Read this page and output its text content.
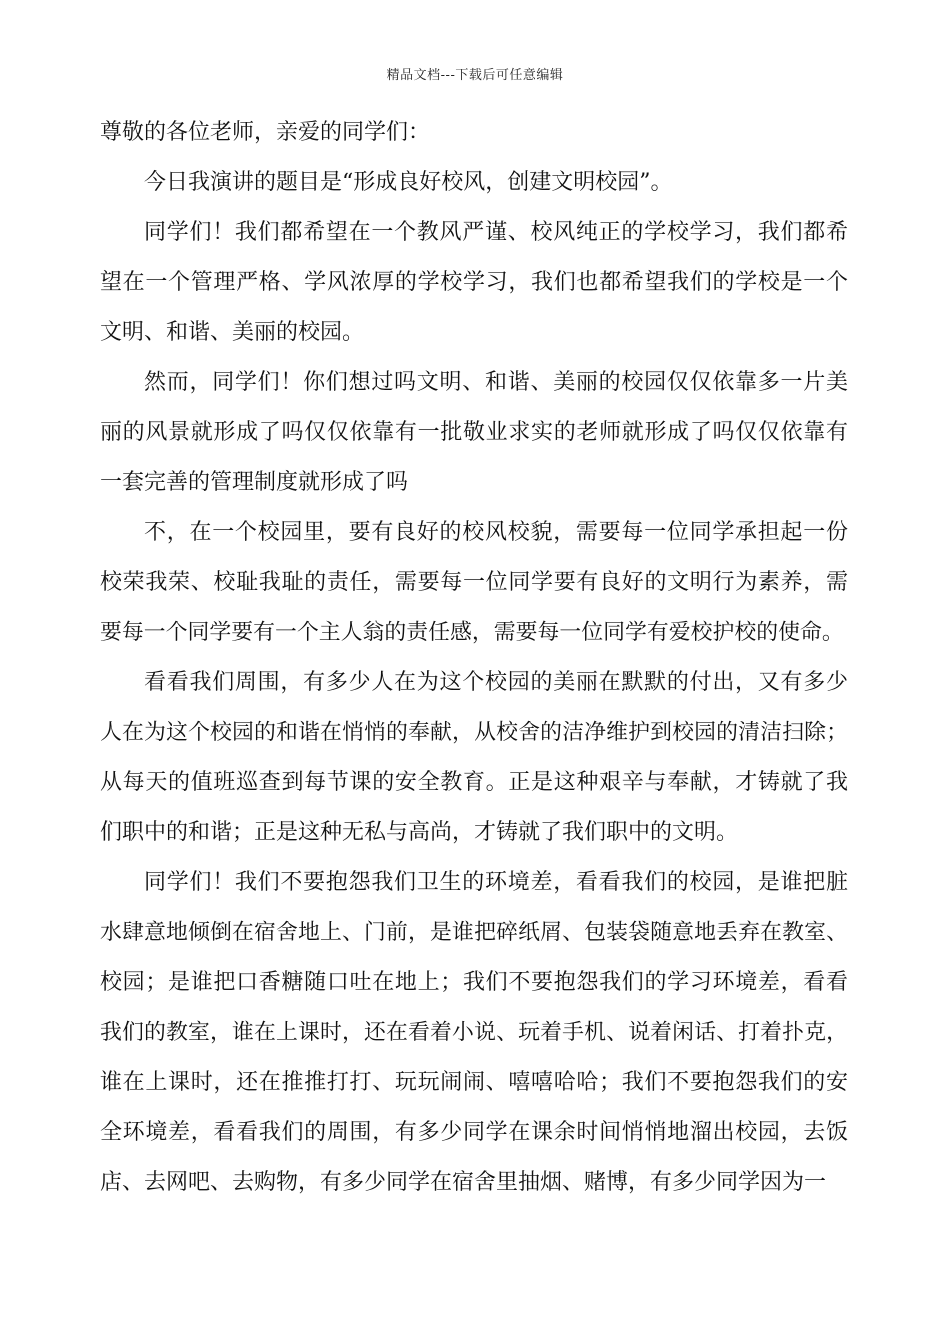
精品文档---下载后可任意编辑
尊敬的各位老师，亲爱的同学们：
今日我演讲的题目是“形成良好校风，创建文明校园”。
同学们！我们都希望在一个教风严谨、校风纯正的学校学习，我们都希
望在一个管理严格、学风浓厚的学校学习，我们也都希望我们的学校是一个
文明、和谐、美丽的校园。
然而，同学们！你们想过吗文明、和谐、美丽的校园仅仅依靠多一片美
丽的风景就形成了吗仅仅依靠有一批敬业求实的老师就形成了吗仅仅依靠有
一套完善的管理制度就形成了吗
不，在一个校园里，要有良好的校风校貌，需要每一位同学承担起一份
校荣我荣、校耻我耻的责任，需要每一位同学要有良好的文明行为素养，需
要每一个同学要有一个主人翁的责任感，需要每一位同学有爱校护校的使命。
看看我们周围，有多少人在为这个校园的美丽在默默的付出，又有多少
人在为这个校园的和谐在悄悄的奉献，从校舍的洁净维护到校园的清洁扫除；
从每天的值班巡查到每节课的安全教育。正是这种艰辛与奉献，才铸就了我
们职中的和谐；正是这种无私与高尚，才铸就了我们职中的文明。
同学们！我们不要抱怨我们卫生的环境差，看看我们的校园，是谁把脏
水肆意地倾倒在宿舍地上、门前，是谁把碎纸屑、包装袋随意地丢弃在教室、
校园；是谁把口香糖随口吐在地上；我们不要抱怨我们的学习环境差，看看
我们的教室，谁在上课时，还在看着小说、玩着手机、说着闲话、打着扑克，
谁在上课时，还在推推打打、玩玩闹闹、嘻嘻哈哈；我们不要抱怨我们的安
全环境差，看看我们的周围，有多少同学在课余时间悄悄地溜出校园，去饭
店、去网吧、去购物，有多少同学在宿舍里抽烟、赌博，有多少同学因为一
